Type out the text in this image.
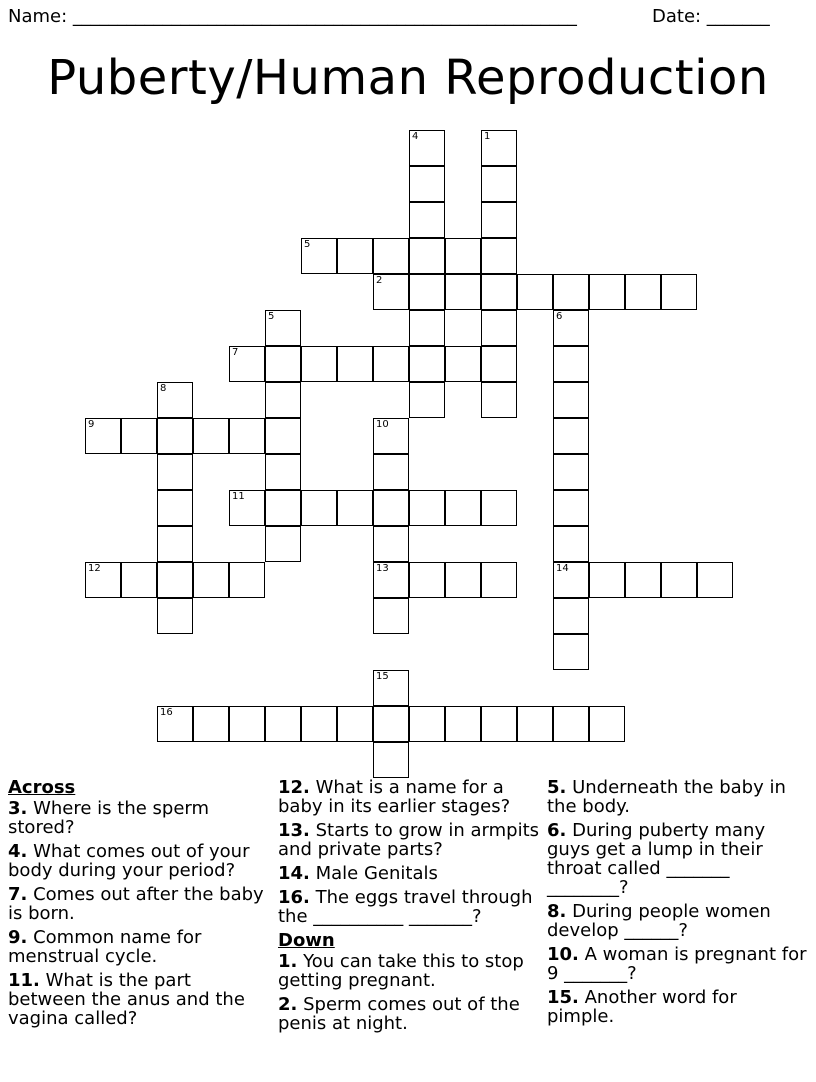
Name: ________________________________________________________	Date: _______
Puberty/Human Reproduction
4	1
2
5
5	6
14
7
8
9	10
13
11
12
15
16
Across
3. Where is the sperm stored?
4. What comes out of your body during your period?
7. Comes out after the baby is born.
9. Common name for menstrual cycle.
11. What is the part between the anus and the vagina called?
12. What is a name for a baby in its earlier stages?
13. Starts to grow in armpits and private parts?
14. Male Genitals
16. The eggs travel through the __________ _______?
Down
1. You can take this to stop getting pregnant.
2. Sperm comes out of the penis at night.
5. Underneath the baby in the body.
6. During puberty many guys get a lump in their throat called _______ ________?
8. During people women develop ______?
10. A woman is pregnant for 9 _______?
15. Another word for pimple.
